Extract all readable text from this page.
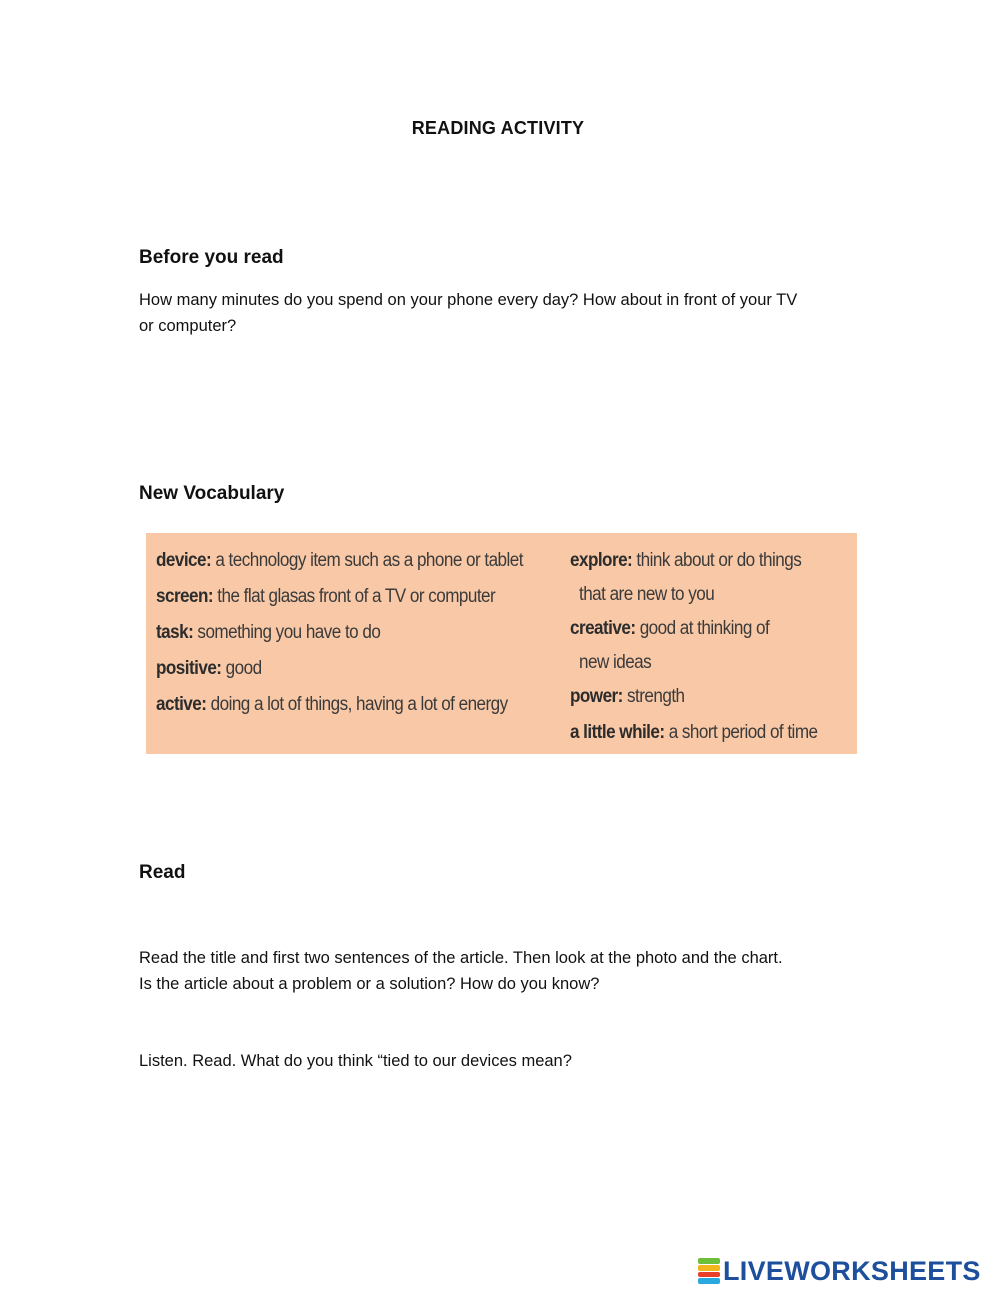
READING ACTIVITY
Before you read
How many minutes do you spend on your phone every day? How about in front of your TV
or computer?
New Vocabulary
device: a technology item such as a phone or tablet
screen: the flat glasas front of a TV or computer
task: something you have to do
positive: good
active: doing a lot of things, having a lot of energy
explore: think about or do things
that are new to you
creative: good at thinking of
new ideas
power: strength
a little while: a short period of time
Read
Read the title and first two sentences of the article. Then look at the photo and the chart.
Is the article about a problem or a solution? How do you know?
Listen. Read. What do you think “tied to our devices mean?
LIVEWORKSHEETS
